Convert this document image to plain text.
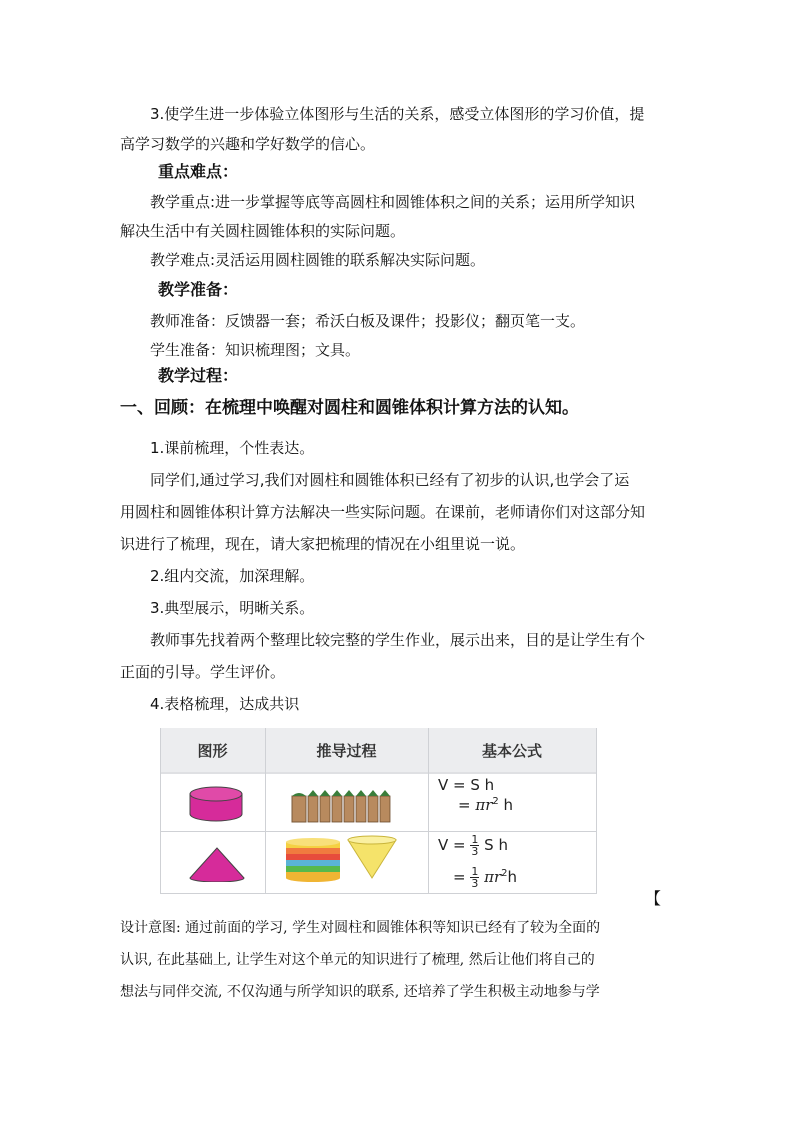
3.使学生进一步体验立体图形与生活的关系，感受立体图形的学习价值，提
高学习数学的兴趣和学好数学的信心。
重点难点：
教学重点:进一步掌握等底等高圆柱和圆锥体积之间的关系；运用所学知识
解决生活中有关圆柱圆锥体积的实际问题。
教学难点:灵活运用圆柱圆锥的联系解决实际问题。
教学准备：
教师准备：反馈器一套；希沃白板及课件；投影仪；翻页笔一支。
学生准备：知识梳理图；文具。
教学过程：
一、回顾：在梳理中唤醒对圆柱和圆锥体积计算方法的认知。
1.课前梳理，个性表达。
同学们,通过学习,我们对圆柱和圆锥体积已经有了初步的认识,也学会了运
用圆柱和圆锥体积计算方法解决一些实际问题。在课前，老师请你们对这部分知
识进行了梳理，现在，请大家把梳理的情况在小组里说一说。
2.组内交流，加深理解。
3.典型展示，明晰关系。
教师事先找着两个整理比较完整的学生作业，展示出来，目的是让学生有个
正面的引导。学生评价。
4.表格梳理，达成共识
图形	推导过程	基本公式
V = S h
= $\pi r^2$ h
$V = \frac{1}{3}$ S h
= $\frac{1}{3} \pi r^2h$
【
设计意图: 通过前面的学习, 学生对圆柱和圆锥体积等知识已经有了较为全面的
认识, 在此基础上, 让学生对这个单元的知识进行了梳理, 然后让他们将自己的
想法与同伴交流, 不仅沟通与所学知识的联系, 还培养了学生积极主动地参与学
